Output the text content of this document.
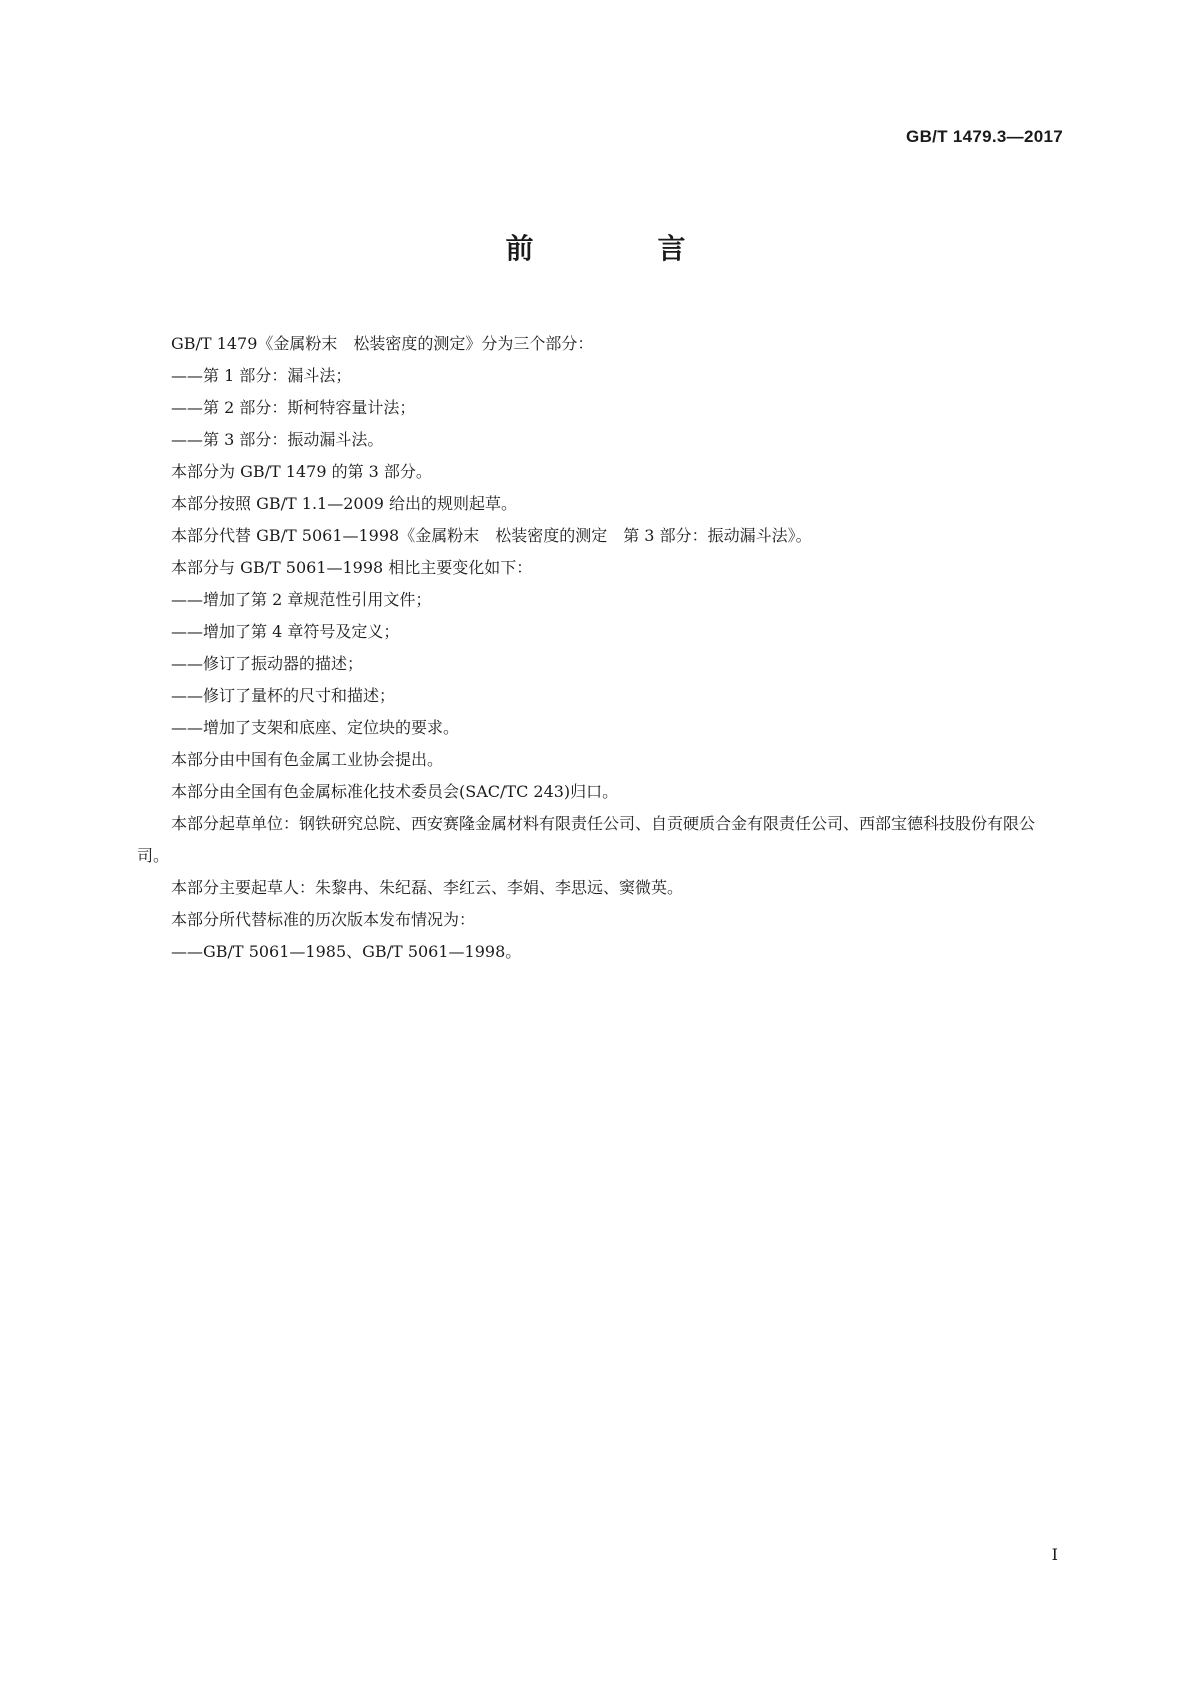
GB/T 1479.3—2017
前　言

GB/T 1479《金属粉末　松装密度的测定》分为三个部分：

——第 1 部分：漏斗法；

——第 2 部分：斯柯特容量计法；

——第 3 部分：振动漏斗法。

本部分为 GB/T 1479 的第 3 部分。

本部分按照 GB/T 1.1—2009 给出的规则起草。

本部分代替 GB/T 5061—1998《金属粉末　松装密度的测定　第 3 部分：振动漏斗法》。

本部分与 GB/T 5061—1998 相比主要变化如下：

——增加了第 2 章规范性引用文件；

——增加了第 4 章符号及定义；

——修订了振动器的描述；

——修订了量杯的尺寸和描述；

——增加了支架和底座、定位块的要求。

本部分由中国有色金属工业协会提出。

本部分由全国有色金属标准化技术委员会(SAC/TC 243)归口。

本部分起草单位：钢铁研究总院、西安赛隆金属材料有限责任公司、自贡硬质合金有限责任公司、西部宝德科技股份有限公司。

本部分主要起草人：朱黎冉、朱纪磊、李红云、李娟、李思远、窦微英。

本部分所代替标准的历次版本发布情况为：

——GB/T 5061—1985、GB/T 5061—1998。

I
